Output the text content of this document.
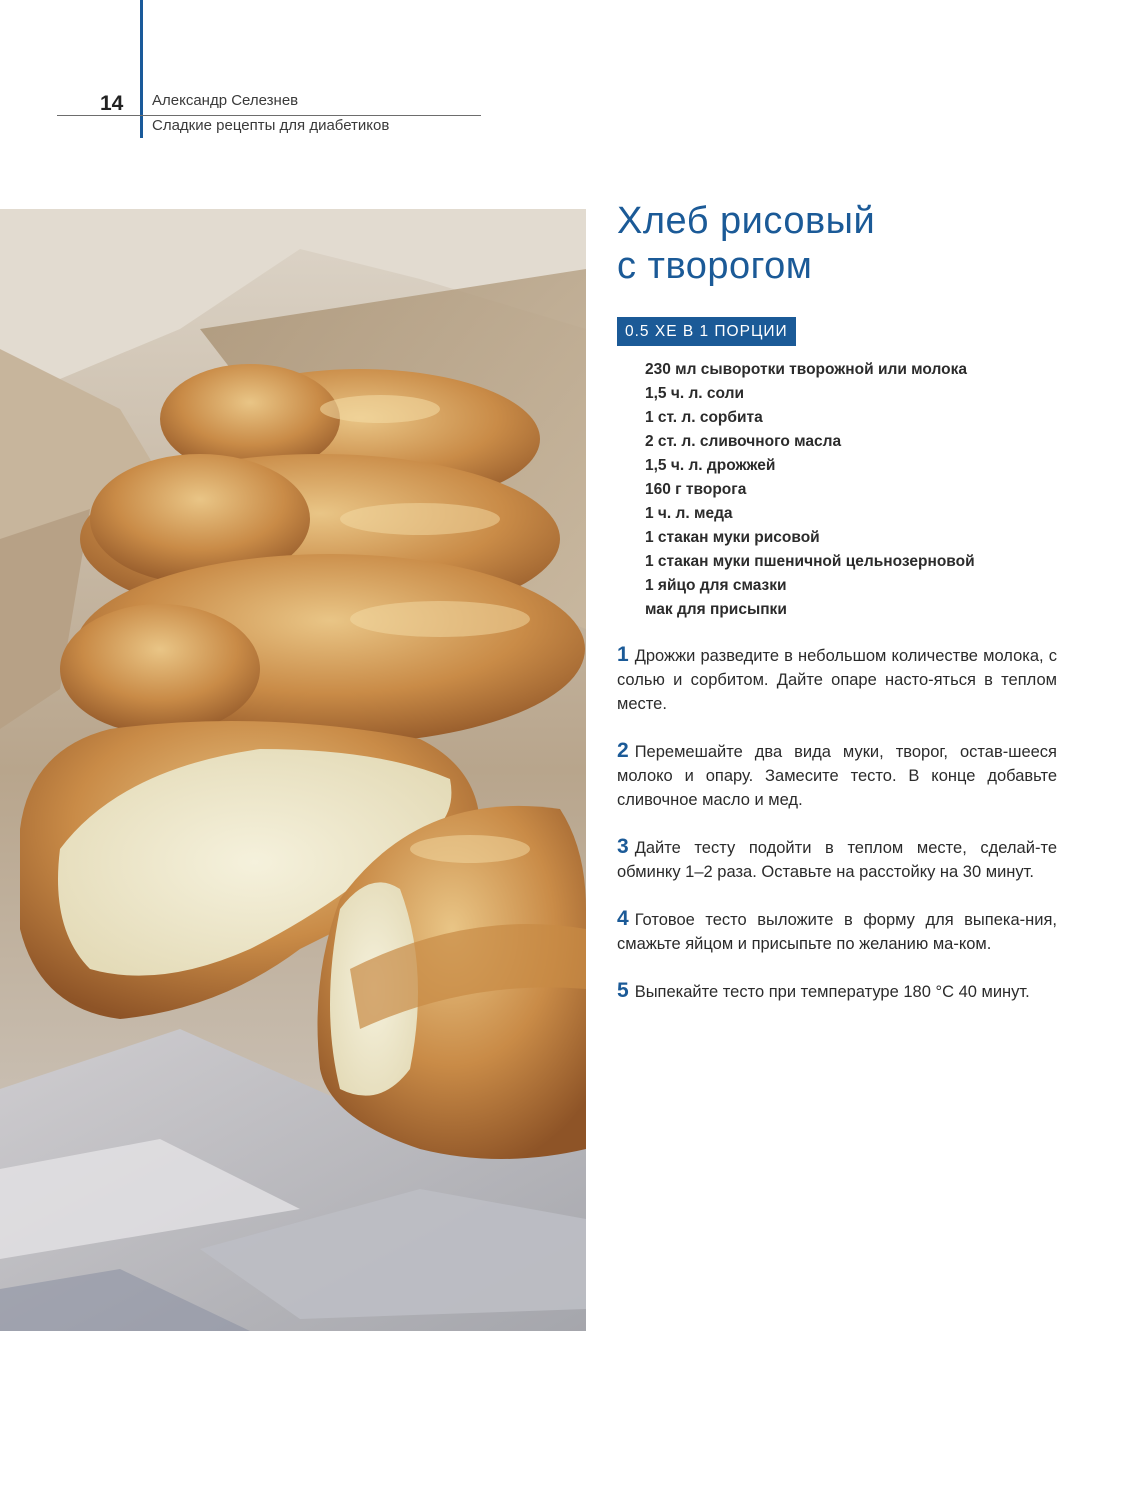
14 Александр Селезнев
Сладкие рецепты для диабетиков
Хлеб рисовый
с творогом
0.5 ХЕ В 1 ПОРЦИИ
230 мл сыворотки творожной или молока
1,5 ч. л. соли
1 ст. л. сорбита
2 ст. л. сливочного масла
1,5 ч. л. дрожжей
160 г творога
1 ч. л. меда
1 стакан муки рисовой
1 стакан муки пшеничной цельнозерновой
1 яйцо для смазки
мак для присыпки
1 Дрожжи разведите в небольшом количестве молока, с солью и сорбитом. Дайте опаре насто-яться в теплом месте.
2 Перемешайте два вида муки, творог, остав-шееся молоко и опару. Замесите тесто. В конце добавьте сливочное масло и мед.
3 Дайте тесту подойти в теплом месте, сделай-те обминку 1–2 раза. Оставьте на расстойку на 30 минут.
4 Готовое тесто выложите в форму для выпека-ния, смажьте яйцом и присыпьте по желанию ма-ком.
5 Выпекайте тесто при температуре 180 °С 40 минут.
